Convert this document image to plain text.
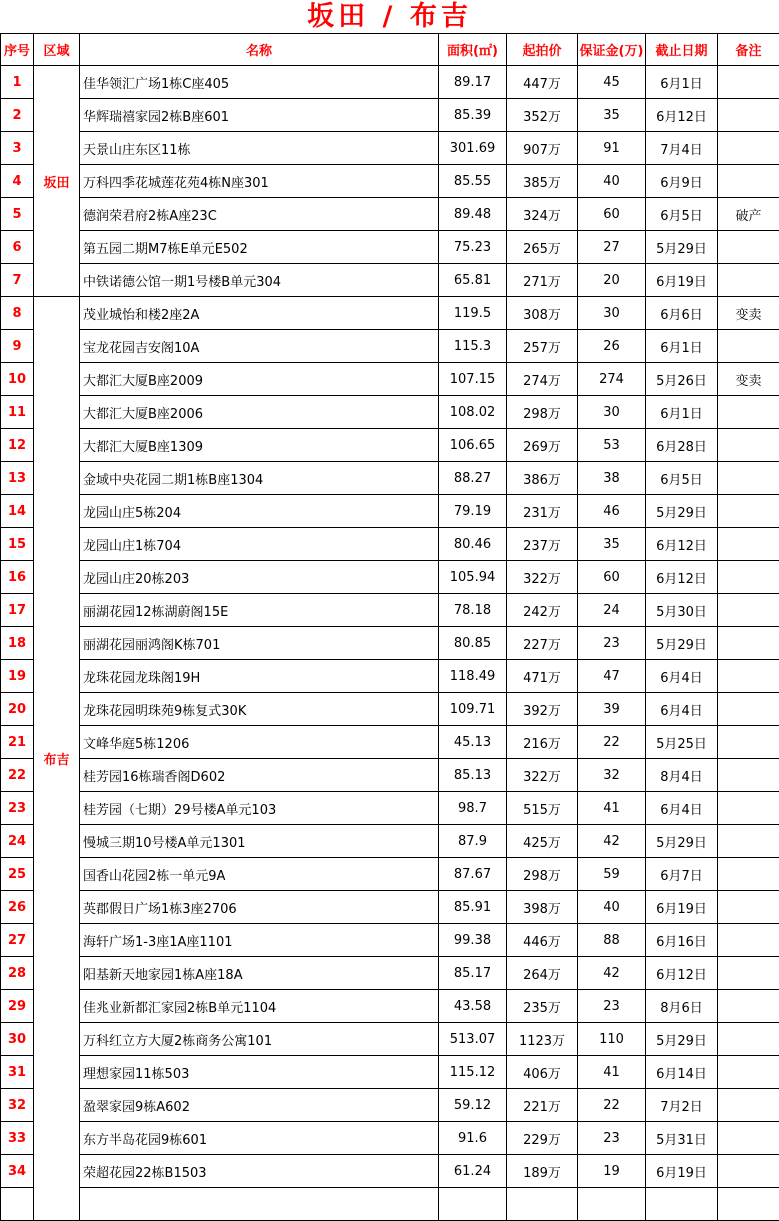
坂田 / 布吉
序号	区域	名称	面积(㎡)	起拍价	保证金(万)	截止日期	备注
1	坂田	佳华领汇广场1栋C座405	89.17	447万	45	6月1日	
2		华辉瑞禧家园2栋B座601	85.39	352万	35	6月12日	
3		天景山庄东区11栋	301.69	907万	91	7月4日	
4		万科四季花城莲花苑4栋N座301	85.55	385万	40	6月9日	
5		德润荣君府2栋A座23C	89.48	324万	60	6月5日	破产
6		第五园二期M7栋E单元E502	75.23	265万	27	5月29日	
7		中铁诺德公馆一期1号楼B单元304	65.81	271万	20	6月19日	
8	布吉	茂业城怡和楼2座2A	119.5	308万	30	6月6日	变卖
9		宝龙花园吉安阁10A	115.3	257万	26	6月1日	
10		大都汇大厦B座2009	107.15	274万	274	5月26日	变卖
11		大都汇大厦B座2006	108.02	298万	30	6月1日	
12		大都汇大厦B座1309	106.65	269万	53	6月28日	
13		金域中央花园二期1栋B座1304	88.27	386万	38	6月5日	
14		龙园山庄5栋204	79.19	231万	46	5月29日	
15		龙园山庄1栋704	80.46	237万	35	6月12日	
16		龙园山庄20栋203	105.94	322万	60	6月12日	
17		丽湖花园12栋湖蔚阁15E	78.18	242万	24	5月30日	
18		丽湖花园丽鸿阁K栋701	80.85	227万	23	5月29日	
19		龙珠花园龙珠阁19H	118.49	471万	47	6月4日	
20		龙珠花园明珠苑9栋复式30K	109.71	392万	39	6月4日	
21		文峰华庭5栋1206	45.13	216万	22	5月25日	
22		桂芳园16栋瑞香阁D602	85.13	322万	32	8月4日	
23		桂芳园（七期）29号楼A单元103	98.7	515万	41	6月4日	
24		慢城三期10号楼A单元1301	87.9	425万	42	5月29日	
25		国香山花园2栋一单元9A	87.67	298万	59	6月7日	
26		英郡假日广场1栋3座2706	85.91	398万	40	6月19日	
27		海轩广场1-3座1A座1101	99.38	446万	88	6月16日	
28		阳基新天地家园1栋A座18A	85.17	264万	42	6月12日	
29		佳兆业新都汇家园2栋B单元1104	43.58	235万	23	8月6日	
30		万科红立方大厦2栋商务公寓101	513.07	1123万	110	5月29日	
31		理想家园11栋503	115.12	406万	41	6月14日	
32		盈翠家园9栋A602	59.12	221万	22	7月2日	
33		东方半岛花园9栋601	91.6	229万	23	5月31日	
34		荣超花园22栋B1503	61.24	189万	19	6月19日	
